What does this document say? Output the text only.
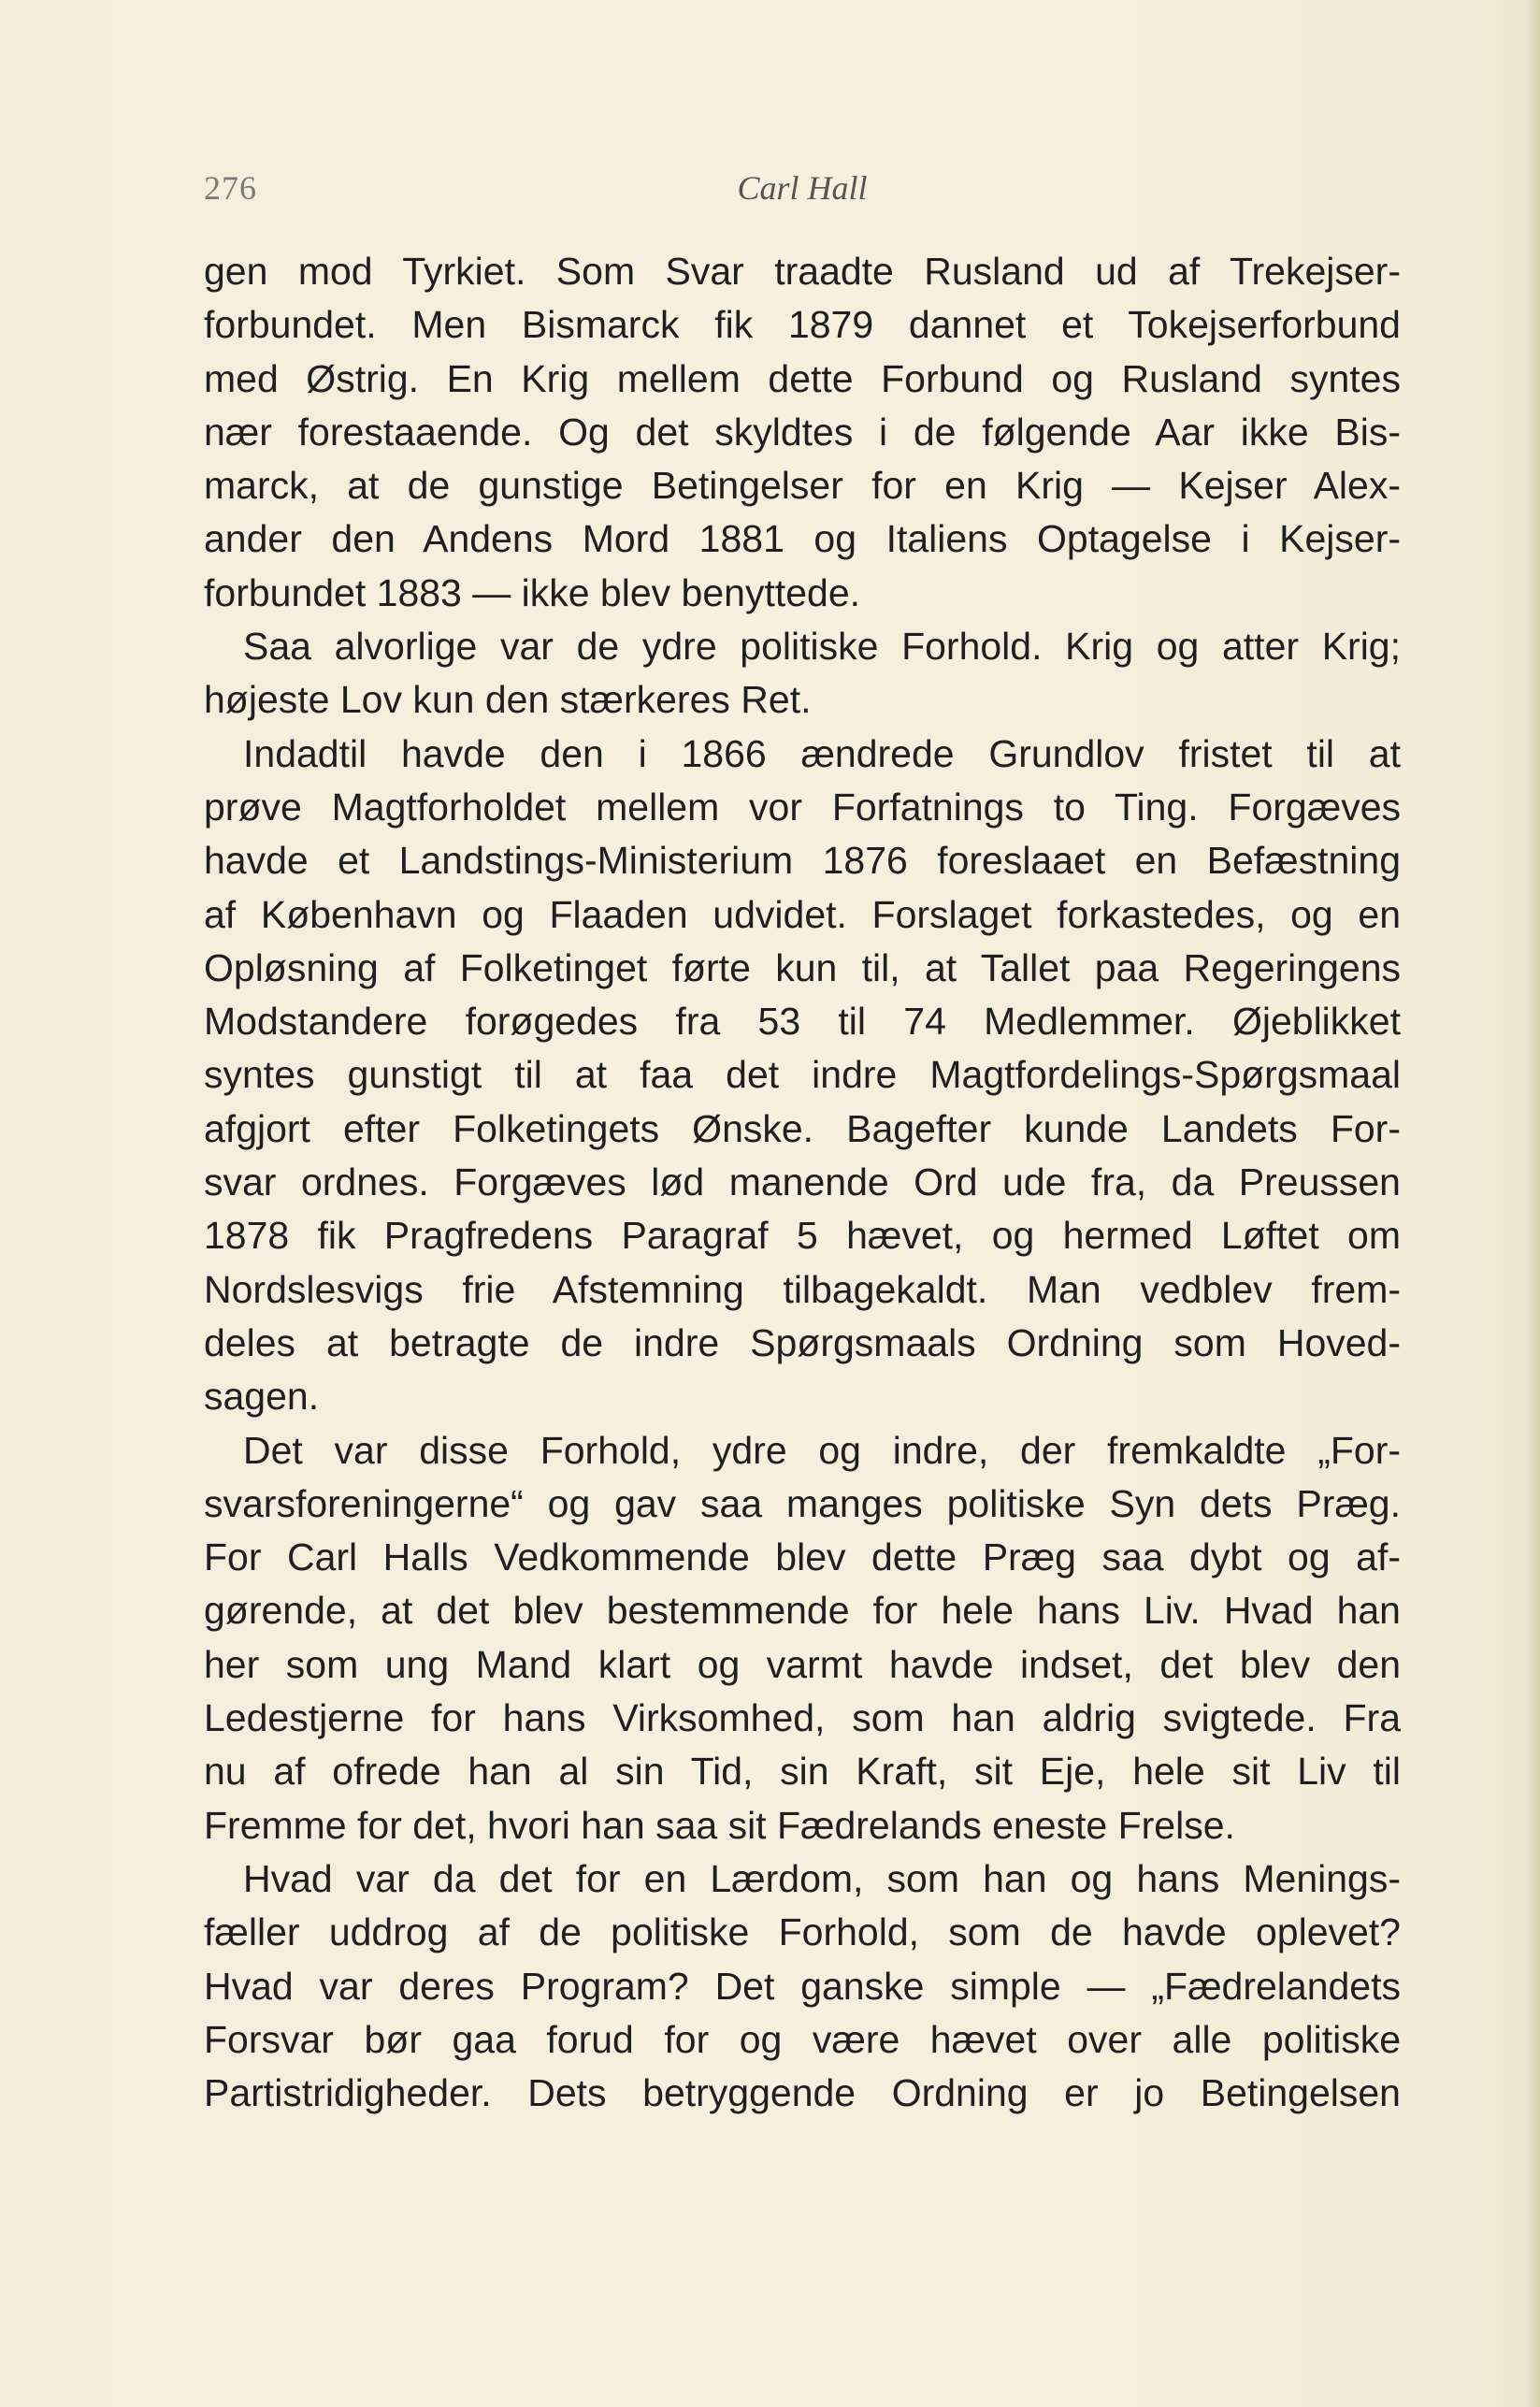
276	Carl Hall
gen mod Tyrkiet. Som Svar traadte Rusland ud af Trekejser-
forbundet. Men Bismarck fik 1879 dannet et Tokejserforbund
med Østrig. En Krig mellem dette Forbund og Rusland syntes
nær forestaaende. Og det skyldtes i de følgende Aar ikke Bis-
marck, at de gunstige Betingelser for en Krig — Kejser Alex-
ander den Andens Mord 1881 og Italiens Optagelse i Kejser-
forbundet 1883 — ikke blev benyttede.
Saa alvorlige var de ydre politiske Forhold. Krig og atter Krig;
højeste Lov kun den stærkeres Ret.
Indadtil havde den i 1866 ændrede Grundlov fristet til at
prøve Magtforholdet mellem vor Forfatnings to Ting. Forgæves
havde et Landstings-Ministerium 1876 foreslaaet en Befæstning
af København og Flaaden udvidet. Forslaget forkastedes, og en
Opløsning af Folketinget førte kun til, at Tallet paa Regeringens
Modstandere forøgedes fra 53 til 74 Medlemmer. Øjeblikket
syntes gunstigt til at faa det indre Magtfordelings-Spørgsmaal
afgjort efter Folketingets Ønske. Bagefter kunde Landets For-
svar ordnes. Forgæves lød manende Ord ude fra, da Preussen
1878 fik Pragfredens Paragraf 5 hævet, og hermed Løftet om
Nordslesvigs frie Afstemning tilbagekaldt. Man vedblev frem-
deles at betragte de indre Spørgsmaals Ordning som Hoved-
sagen.
Det var disse Forhold, ydre og indre, der fremkaldte „For-
svarsforeningerne“ og gav saa manges politiske Syn dets Præg.
For Carl Halls Vedkommende blev dette Præg saa dybt og af-
gørende, at det blev bestemmende for hele hans Liv. Hvad han
her som ung Mand klart og varmt havde indset, det blev den
Ledestjerne for hans Virksomhed, som han aldrig svigtede. Fra
nu af ofrede han al sin Tid, sin Kraft, sit Eje, hele sit Liv til
Fremme for det, hvori han saa sit Fædrelands eneste Frelse.
Hvad var da det for en Lærdom, som han og hans Menings-
fæller uddrog af de politiske Forhold, som de havde oplevet?
Hvad var deres Program? Det ganske simple — „Fædrelandets
Forsvar bør gaa forud for og være hævet over alle politiske
Partistridigheder. Dets betryggende Ordning er jo Betingelsen
